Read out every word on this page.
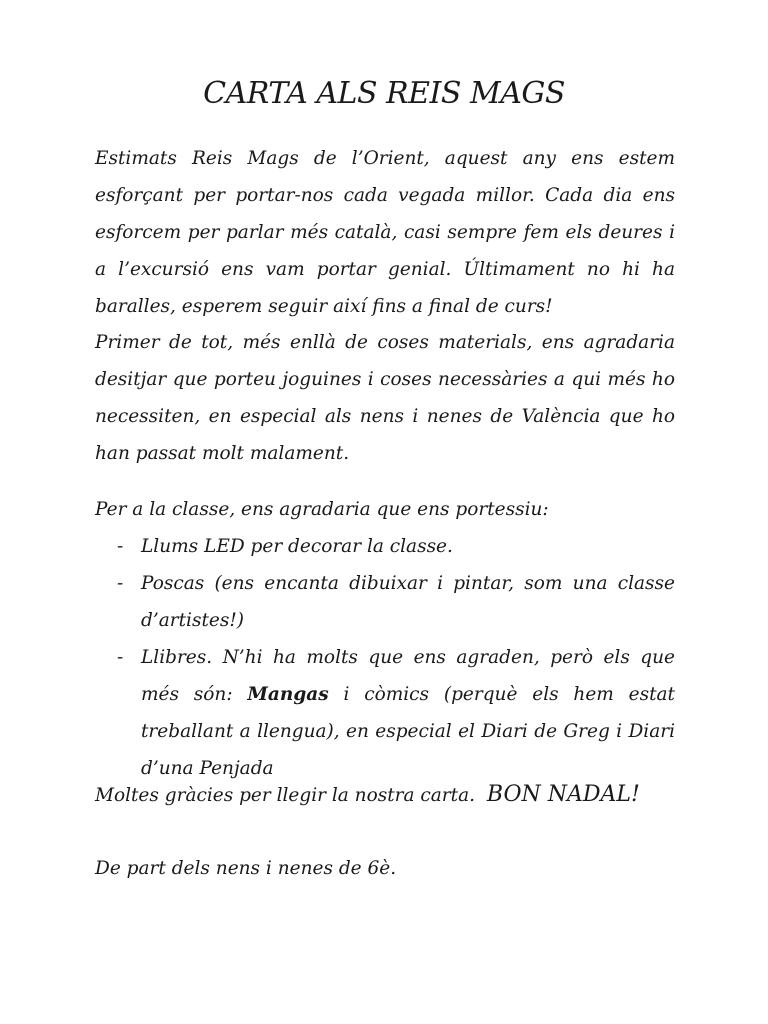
CARTA ALS REIS MAGS

Estimats Reis Mags de l’Orient, aquest any ens estem esforçant per portar-nos cada vegada millor. Cada dia ens esforcem per parlar més català, casi sempre fem els deures i a l’excursió ens vam portar genial. Últimament no hi ha baralles, esperem seguir així fins a final de curs!

Primer de tot, més enllà de coses materials, ens agradaria desitjar que porteu joguines i coses necessàries a qui més ho necessiten, en especial als nens i nenes de València que ho han passat molt malament.

Per a la classe, ens agradaria que ens portessiu:

- Llums LED per decorar la classe.
- Poscas (ens encanta dibuixar i pintar, som una classe d’artistes!)
- Llibres. N’hi ha molts que ens agraden, però els que més són: Mangas i còmics (perquè els hem estat treballant a llengua), en especial el Diari de Greg i Diari d’una Penjada

Moltes gràcies per llegir la nostra carta. BON NADAL!

De part dels nens i nenes de 6è.
